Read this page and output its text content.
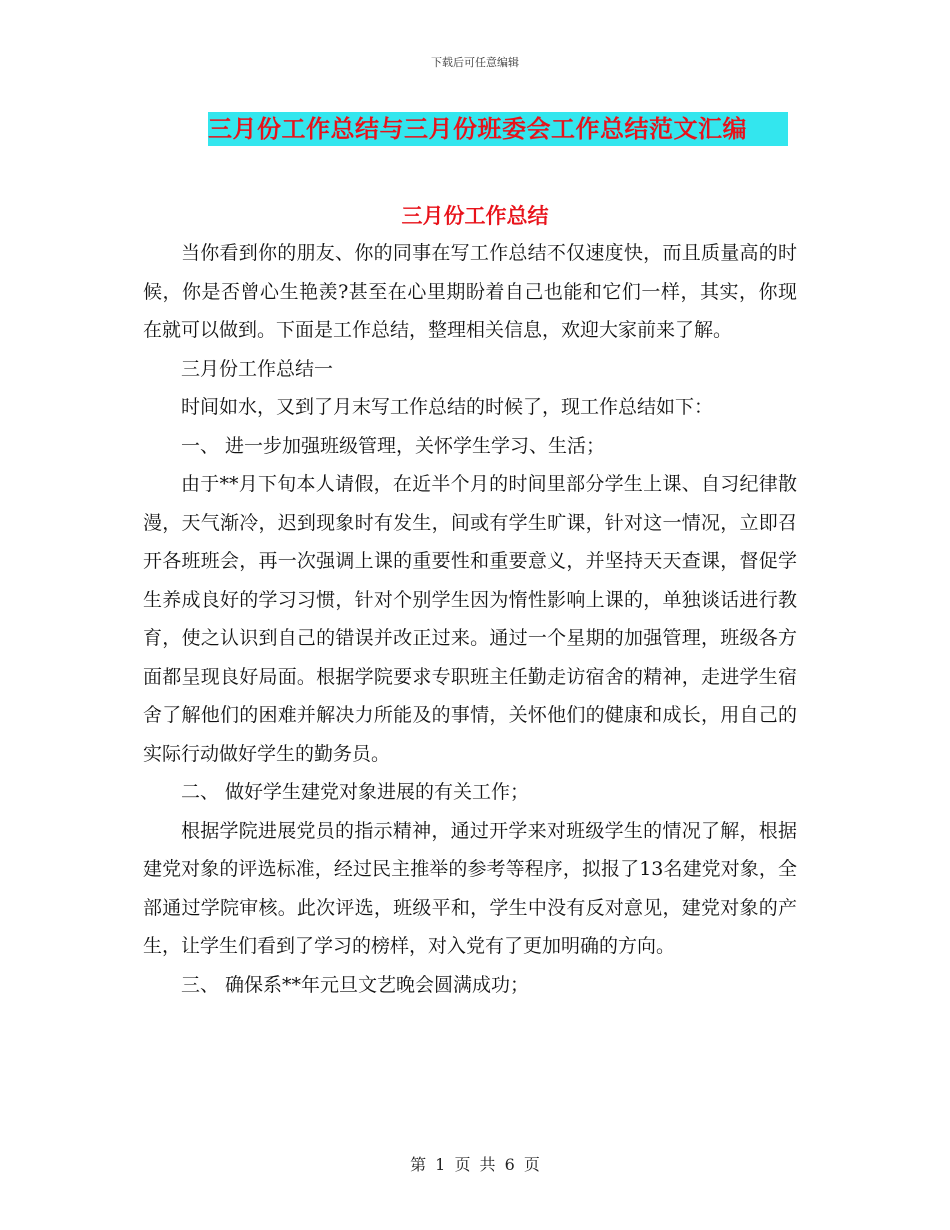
下载后可任意编辑
三月份工作总结与三月份班委会工作总结范文汇编
三月份工作总结

当你看到你的朋友、你的同事在写工作总结不仅速度快，而且质量高的时候，你是否曾心生艳羡?甚至在心里期盼着自己也能和它们一样，其实，你现在就可以做到。下面是工作总结，整理相关信息，欢迎大家前来了解。

三月份工作总结一

时间如水，又到了月末写工作总结的时候了，现工作总结如下：

一、 进一步加强班级管理，关怀学生学习、生活；

由于**月下旬本人请假，在近半个月的时间里部分学生上课、自习纪律散漫，天气渐冷，迟到现象时有发生，间或有学生旷课，针对这一情况，立即召开各班班会，再一次强调上课的重要性和重要意义，并坚持天天查课，督促学生养成良好的学习习惯，针对个别学生因为惰性影响上课的，单独谈话进行教育，使之认识到自己的错误并改正过来。通过一个星期的加强管理，班级各方面都呈现良好局面。根据学院要求专职班主任勤走访宿舍的精神，走进学生宿舍了解他们的困难并解决力所能及的事情，关怀他们的健康和成长，用自己的实际行动做好学生的勤务员。

二、 做好学生建党对象进展的有关工作；

根据学院进展党员的指示精神，通过开学来对班级学生的情况了解，根据建党对象的评选标准，经过民主推举的参考等程序，拟报了13名建党对象，全部通过学院审核。此次评选，班级平和，学生中没有反对意见，建党对象的产生，让学生们看到了学习的榜样，对入党有了更加明确的方向。

三、 确保系**年元旦文艺晚会圆满成功；

第 1 页 共 6 页
